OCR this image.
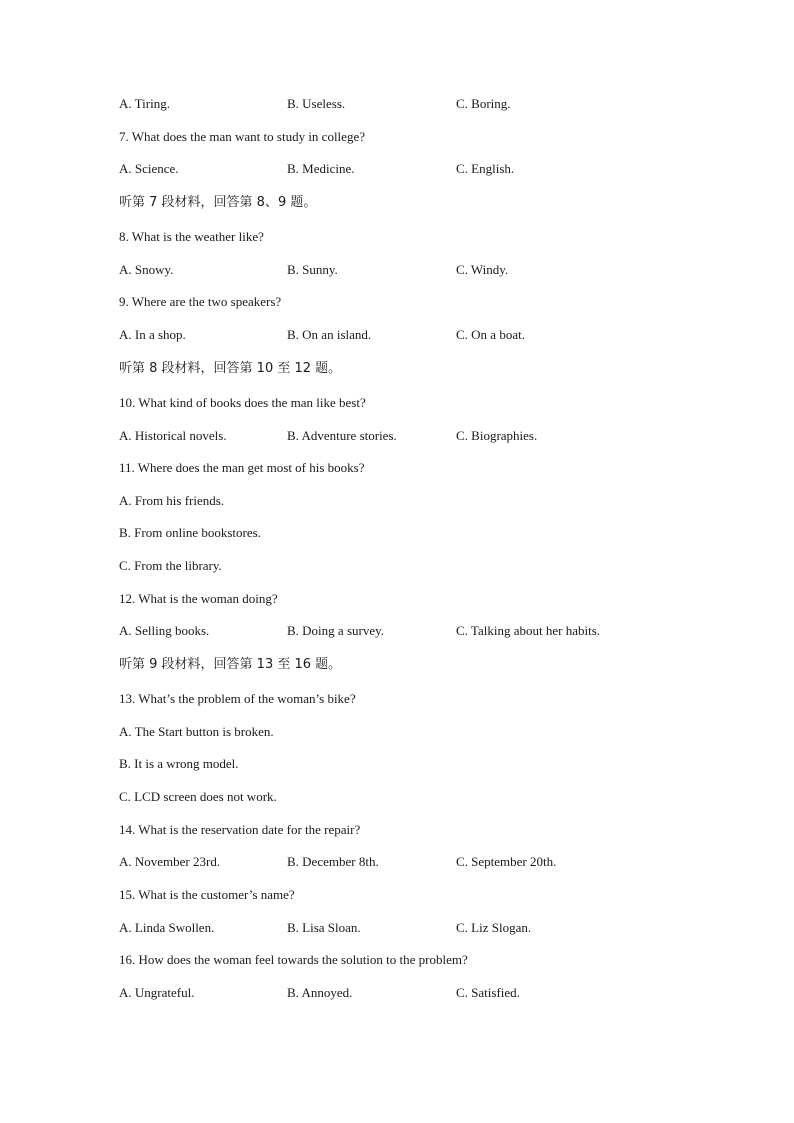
A. Tiring.	B. Useless.	C. Boring.
7. What does the man want to study in college?
A. Science.	B. Medicine.	C. English.
听第 7 段材料，回答第 8、9 题。
8. What is the weather like?
A. Snowy.	B. Sunny.	C. Windy.
9. Where are the two speakers?
A. In a shop.	B. On an island.	C. On a boat.
听第 8 段材料，回答第 10 至 12 题。
10. What kind of books does the man like best?
A. Historical novels.	B. Adventure stories.	C. Biographies.
11. Where does the man get most of his books?
A. From his friends.
B. From online bookstores.
C. From the library.
12. What is the woman doing?
A. Selling books.	B. Doing a survey.	C. Talking about her habits.
听第 9 段材料，回答第 13 至 16 题。
13. What’s the problem of the woman’s bike?
A. The Start button is broken.
B. It is a wrong model.
C. LCD screen does not work.
14. What is the reservation date for the repair?
A. November 23rd.	B. December 8th.	C. September 20th.
15. What is the customer’s name?
A. Linda Swollen.	B. Lisa Sloan.	C. Liz Slogan.
16. How does the woman feel towards the solution to the problem?
A. Ungrateful.	B. Annoyed.	C. Satisfied.
